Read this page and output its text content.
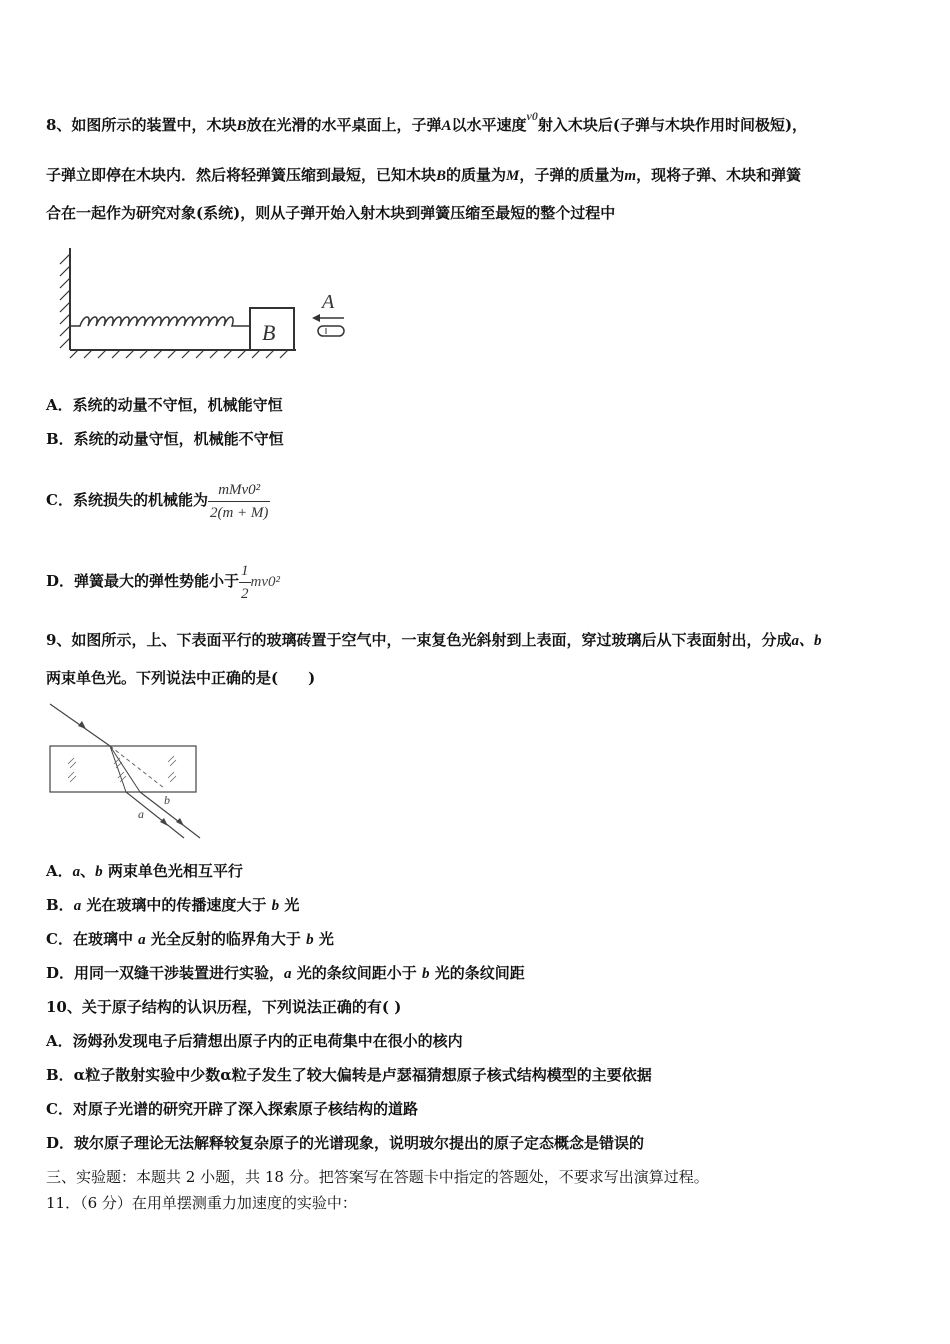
8、如图所示的装置中，木块B放在光滑的水平桌面上，子弹A以水平速度$^{v0}$射入木块后(子弹与木块作用时间极短)，
子弹立即停在木块内．然后将轻弹簧压缩到最短，已知木块B的质量为M，子弹的质量为m，现将子弹、木块和弹簧
合在一起作为研究对象(系统)，则从子弹开始入射木块到弹簧压缩至最短的整个过程中
B
A
A．系统的动量不守恒，机械能守恒
B．系统的动量守恒，机械能不守恒
C．系统损失的机械能为 $\frac{\text{mMv0²}}{2(m + M)}$
D．弹簧最大的弹性势能小于 $\frac{1}{2} mv0^2$
9、如图所示，上、下表面平行的玻璃砖置于空气中，一束复色光斜射到上表面，穿过玻璃后从下表面射出，分成a、b
两束单色光。下列说法中正确的是(　　)
a
b
A．a、b 两束单色光相互平行
B．a 光在玻璃中的传播速度大于 b 光
C．在玻璃中 a 光全反射的临界角大于 b 光
D．用同一双缝干涉装置进行实验，a 光的条纹间距小于 b 光的条纹间距
10、关于原子结构的认识历程，下列说法正确的有( )
A．汤姆孙发现电子后猜想出原子内的正电荷集中在很小的核内
B．α粒子散射实验中少数α粒子发生了较大偏转是卢瑟福猜想原子核式结构模型的主要依据
C．对原子光谱的研究开辟了深入探索原子核结构的道路
D．玻尔原子理论无法解释较复杂原子的光谱现象，说明玻尔提出的原子定态概念是错误的
三、实验题：本题共 2 小题，共 18 分。把答案写在答题卡中指定的答题处，不要求写出演算过程。
11．（6 分）在用单摆测重力加速度的实验中：
